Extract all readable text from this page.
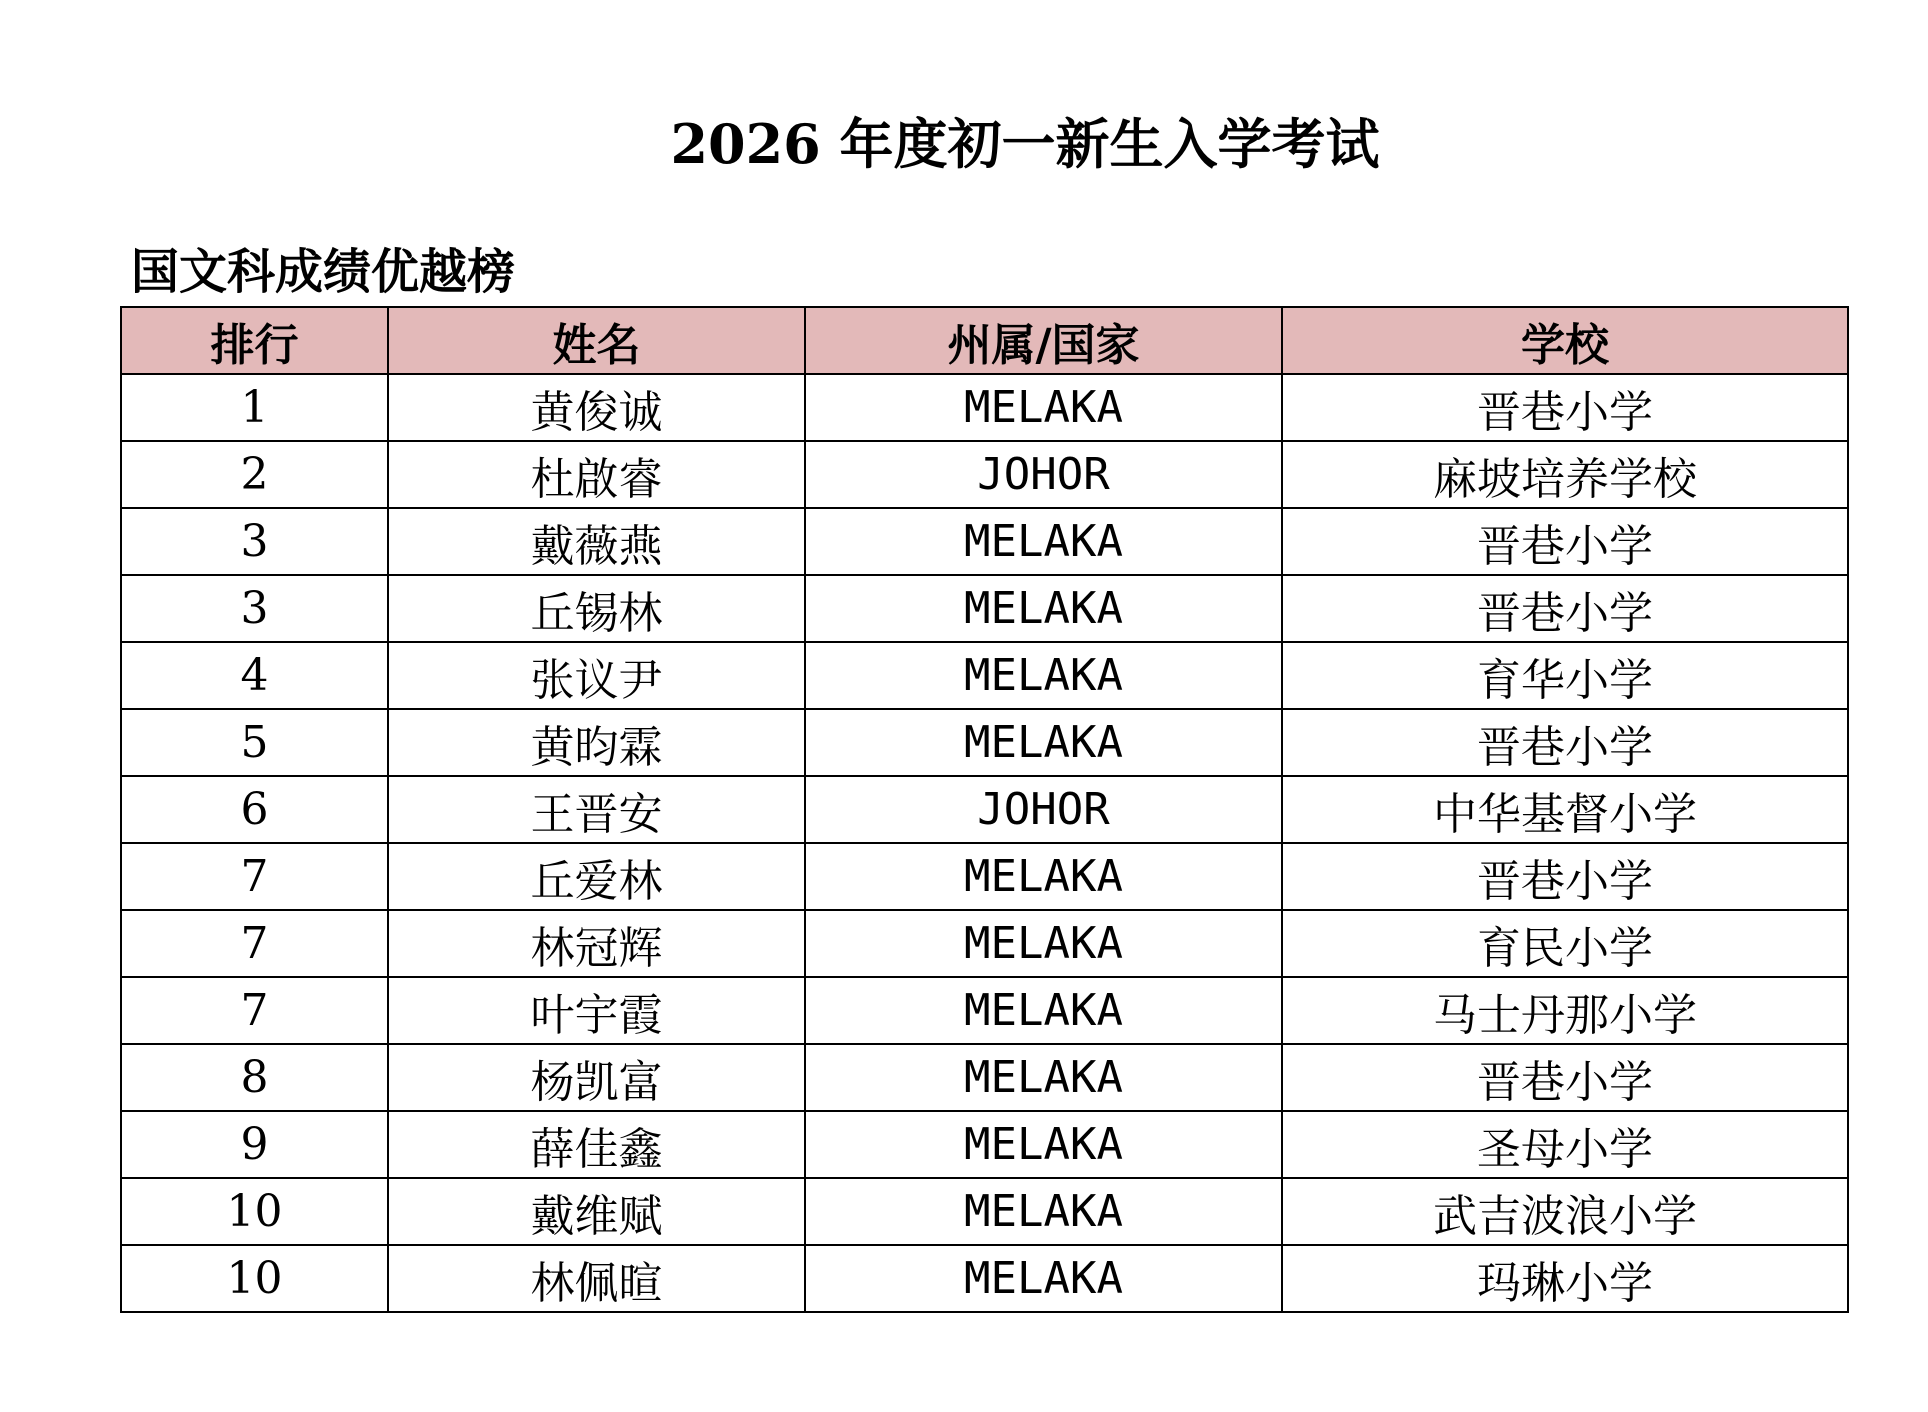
2026 年度初一新生入学考试
国文科成绩优越榜
排行	姓名	州属/国家	学校
1	黄俊诚	MELAKA	晋巷小学
2	杜啟睿	JOHOR	麻坡培养学校
3	戴薇燕	MELAKA	晋巷小学
3	丘锡林	MELAKA	晋巷小学
4	张议尹	MELAKA	育华小学
5	黄昀霖	MELAKA	晋巷小学
6	王晋安	JOHOR	中华基督小学
7	丘爱林	MELAKA	晋巷小学
7	林冠辉	MELAKA	育民小学
7	叶宇霞	MELAKA	马士丹那小学
8	杨凯富	MELAKA	晋巷小学
9	薛佳鑫	MELAKA	圣母小学
10	戴维赋	MELAKA	武吉波浪小学
10	林佩暄	MELAKA	玛琳小学
